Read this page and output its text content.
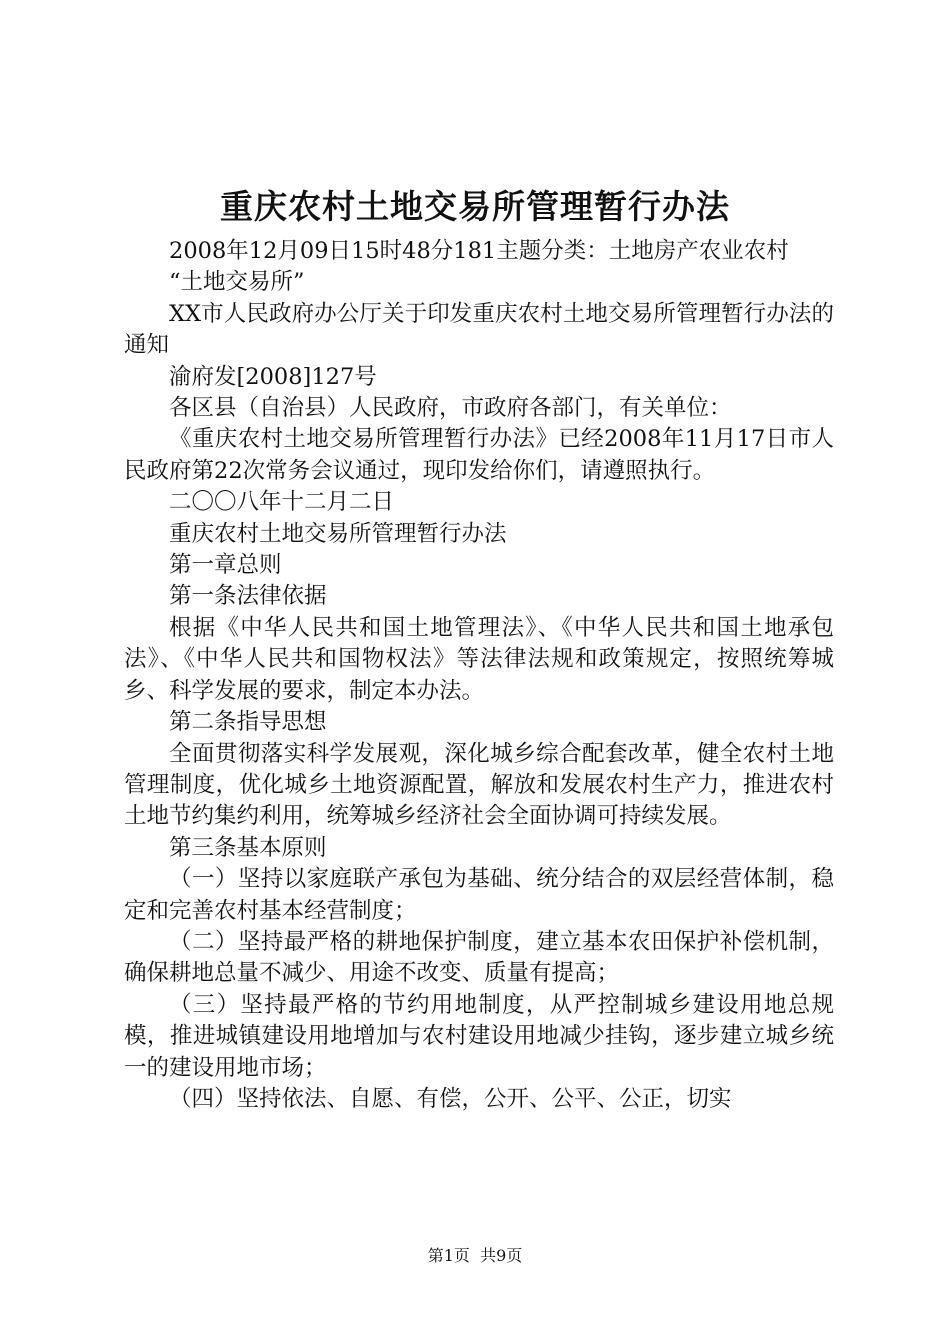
重庆农村土地交易所管理暂行办法

2008年12月09日15时48分181主题分类：土地房产农业农村

“土地交易所”

XX市人民政府办公厅关于印发重庆农村土地交易所管理暂行办法的通知

渝府发[2008]127号

各区县（自治县）人民政府，市政府各部门，有关单位：

《重庆农村土地交易所管理暂行办法》已经2008年11月17日市人民政府第22次常务会议通过，现印发给你们，请遵照执行。

二〇〇八年十二月二日

重庆农村土地交易所管理暂行办法

第一章总则

第一条法律依据

根据《中华人民共和国土地管理法》、《中华人民共和国土地承包法》、《中华人民共和国物权法》等法律法规和政策规定，按照统筹城乡、科学发展的要求，制定本办法。

第二条指导思想

全面贯彻落实科学发展观，深化城乡综合配套改革，健全农村土地管理制度，优化城乡土地资源配置，解放和发展农村生产力，推进农村土地节约集约利用，统筹城乡经济社会全面协调可持续发展。

第三条基本原则

（一）坚持以家庭联产承包为基础、统分结合的双层经营体制，稳定和完善农村基本经营制度；

（二）坚持最严格的耕地保护制度，建立基本农田保护补偿机制，确保耕地总量不减少、用途不改变、质量有提高；

（三）坚持最严格的节约用地制度，从严控制城乡建设用地总规模，推进城镇建设用地增加与农村建设用地减少挂钩，逐步建立城乡统一的建设用地市场；

（四）坚持依法、自愿、有偿，公开、公平、公正，切实

第1页 共9页
